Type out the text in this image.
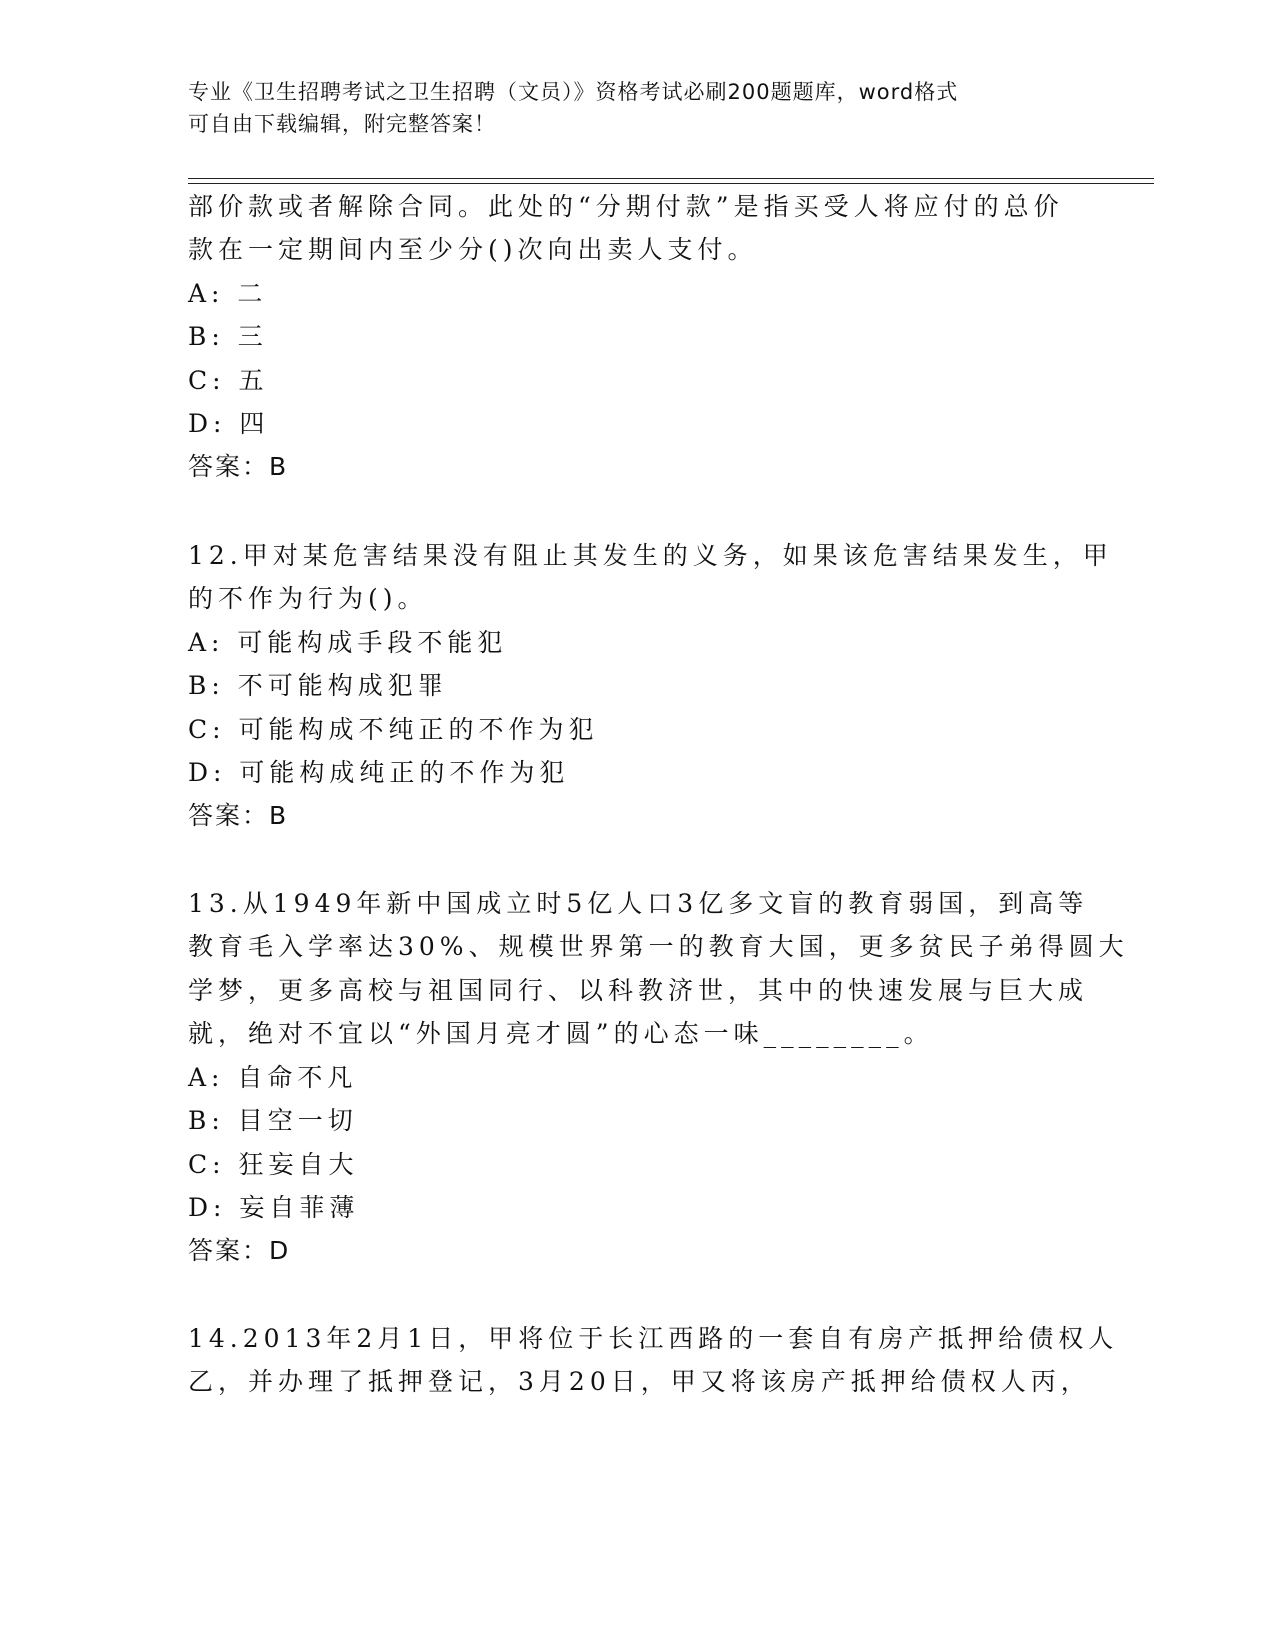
专业《卫生招聘考试之卫生招聘（文员）》资格考试必刷200题题库，word格式
可自由下载编辑，附完整答案！
部价款或者解除合同。此处的“分期付款”是指买受人将应付的总价
款在一定期间内至少分()次向出卖人支付。
A: 二
B: 三
C: 五
D: 四
答案：B
12.甲对某危害结果没有阻止其发生的义务，如果该危害结果发生，甲
的不作为行为()。
A: 可能构成手段不能犯
B: 不可能构成犯罪
C: 可能构成不纯正的不作为犯
D: 可能构成纯正的不作为犯
答案：B
13.从1949年新中国成立时5亿人口3亿多文盲的教育弱国，到高等
教育毛入学率达30%、规模世界第一的教育大国，更多贫民子弟得圆大
学梦，更多高校与祖国同行、以科教济世，其中的快速发展与巨大成
就，绝对不宜以“外国月亮才圆”的心态一味________。
A: 自命不凡
B: 目空一切
C: 狂妄自大
D: 妄自菲薄
答案：D
14.2013年2月1日，甲将位于长江西路的一套自有房产抵押给债权人
乙，并办理了抵押登记，3月20日，甲又将该房产抵押给债权人丙，
